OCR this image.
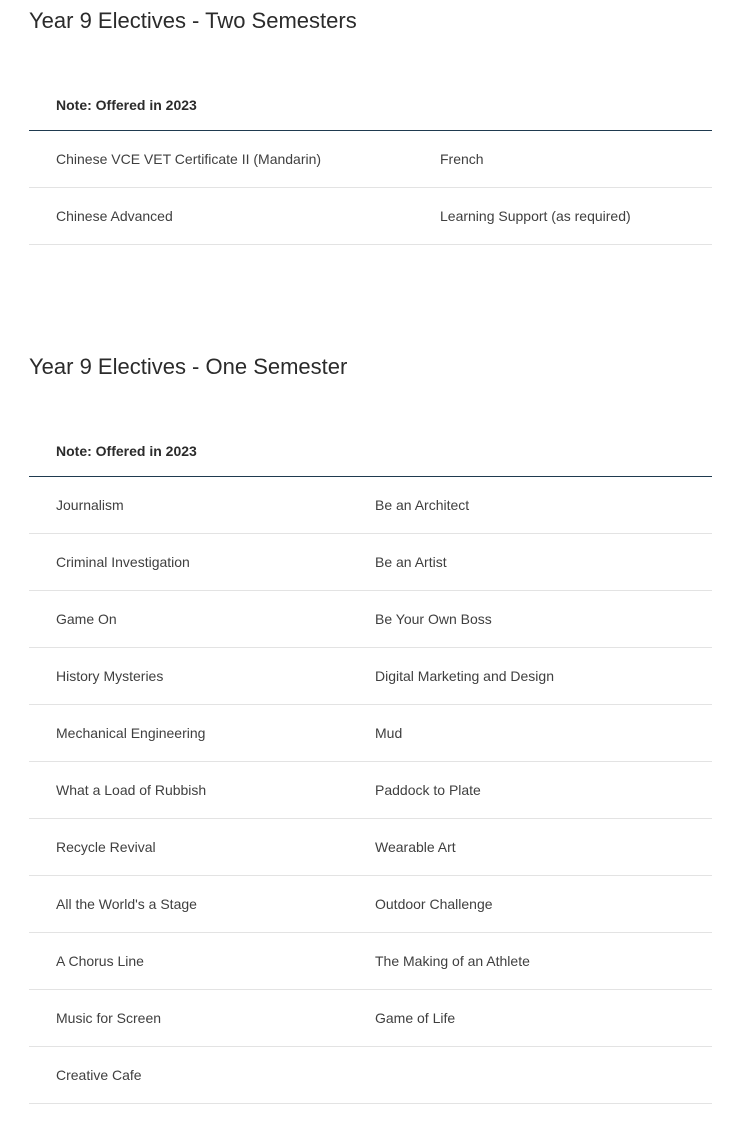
Year 9 Electives - Two Semesters
Note: Offered in 2023
Chinese VCE VET Certificate II (Mandarin)	French
Chinese Advanced	Learning Support (as required)
Year 9 Electives - One Semester
Note: Offered in 2023
Journalism	Be an Architect
Criminal Investigation	Be an Artist
Game On	Be Your Own Boss
History Mysteries	Digital Marketing and Design
Mechanical Engineering	Mud
What a Load of Rubbish	Paddock to Plate
Recycle Revival	Wearable Art
All the World's a Stage	Outdoor Challenge
A Chorus Line	The Making of an Athlete
Music for Screen	Game of Life
Creative Cafe
